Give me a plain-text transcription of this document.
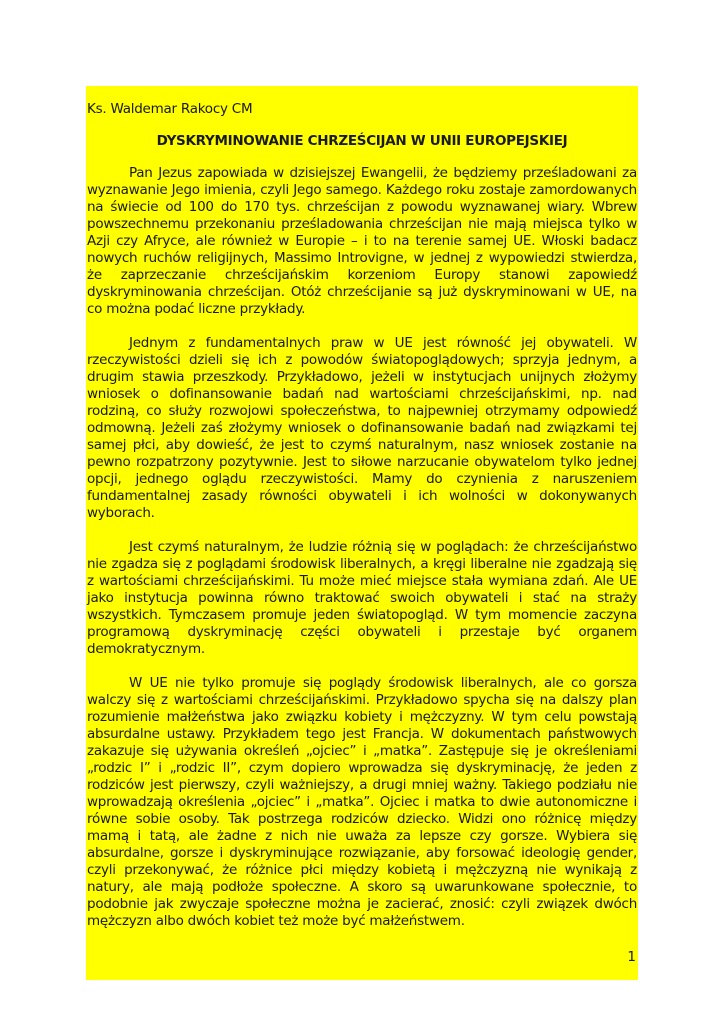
Ks. Waldemar Rakocy CM

DYSKRYMINOWANIE CHRZEŚCIJAN W UNII EUROPEJSKIEJ

Pan Jezus zapowiada w dzisiejszej Ewangelii, że będziemy prześladowani za wyznawanie Jego imienia, czyli Jego samego. Każdego roku zostaje zamordowanych na świecie od 100 do 170 tys. chrześcijan z powodu wyznawanej wiary. Wbrew powszechnemu przekonaniu prześladowania chrześcijan nie mają miejsca tylko w Azji czy Afryce, ale również w Europie – i to na terenie samej UE. Włoski badacz nowych ruchów religijnych, Massimo Introvigne, w jednej z wypowiedzi stwierdza, że zaprzeczanie chrześcijańskim korzeniom Europy stanowi zapowiedź dyskryminowania chrześcijan. Otóż chrześcijanie są już dyskryminowani w UE, na co można podać liczne przykłady.

Jednym z fundamentalnych praw w UE jest równość jej obywateli. W rzeczywistości dzieli się ich z powodów światopoglądowych; sprzyja jednym, a drugim stawia przeszkody. Przykładowo, jeżeli w instytucjach unijnych złożymy wniosek o dofinansowanie badań nad wartościami chrześcijańskimi, np. nad rodziną, co służy rozwojowi społeczeństwa, to najpewniej otrzymamy odpowiedź odmowną. Jeżeli zaś złożymy wniosek o dofinansowanie badań nad związkami tej samej płci, aby dowieść, że jest to czymś naturalnym, nasz wniosek zostanie na pewno rozpatrzony pozytywnie. Jest to siłowe narzucanie obywatelom tylko jednej opcji, jednego oglądu rzeczywistości. Mamy do czynienia z naruszeniem fundamentalnej zasady równości obywateli i ich wolności w dokonywanych wyborach.

Jest czymś naturalnym, że ludzie różnią się w poglądach: że chrześcijaństwo nie zgadza się z poglądami środowisk liberalnych, a kręgi liberalne nie zgadzają się z wartościami chrześcijańskimi. Tu może mieć miejsce stała wymiana zdań. Ale UE jako instytucja powinna równo traktować swoich obywateli i stać na straży wszystkich. Tymczasem promuje jeden światopogląd. W tym momencie zaczyna programową dyskryminację części obywateli i przestaje być organem demokratycznym.

W UE nie tylko promuje się poglądy środowisk liberalnych, ale co gorsza walczy się z wartościami chrześcijańskimi. Przykładowo spycha się na dalszy plan rozumienie małżeństwa jako związku kobiety i mężczyzny. W tym celu powstają absurdalne ustawy. Przykładem tego jest Francja. W dokumentach państwowych zakazuje się używania określeń „ojciec” i „matka”. Zastępuje się je określeniami „rodzic I” i „rodzic II”, czym dopiero wprowadza się dyskryminację, że jeden z rodziców jest pierwszy, czyli ważniejszy, a drugi mniej ważny. Takiego podziału nie wprowadzają określenia „ojciec” i „matka”. Ojciec i matka to dwie autonomiczne i równe sobie osoby. Tak postrzega rodziców dziecko. Widzi ono różnicę między mamą i tatą, ale żadne z nich nie uważa za lepsze czy gorsze. Wybiera się absurdalne, gorsze i dyskryminujące rozwiązanie, aby forsować ideologię gender, czyli przekonywać, że różnice płci między kobietą i mężczyzną nie wynikają z natury, ale mają podłoże społeczne. A skoro są uwarunkowane społecznie, to podobnie jak zwyczaje społeczne można je zacierać, znosić: czyli związek dwóch mężczyzn albo dwóch kobiet też może być małżeństwem.

1
